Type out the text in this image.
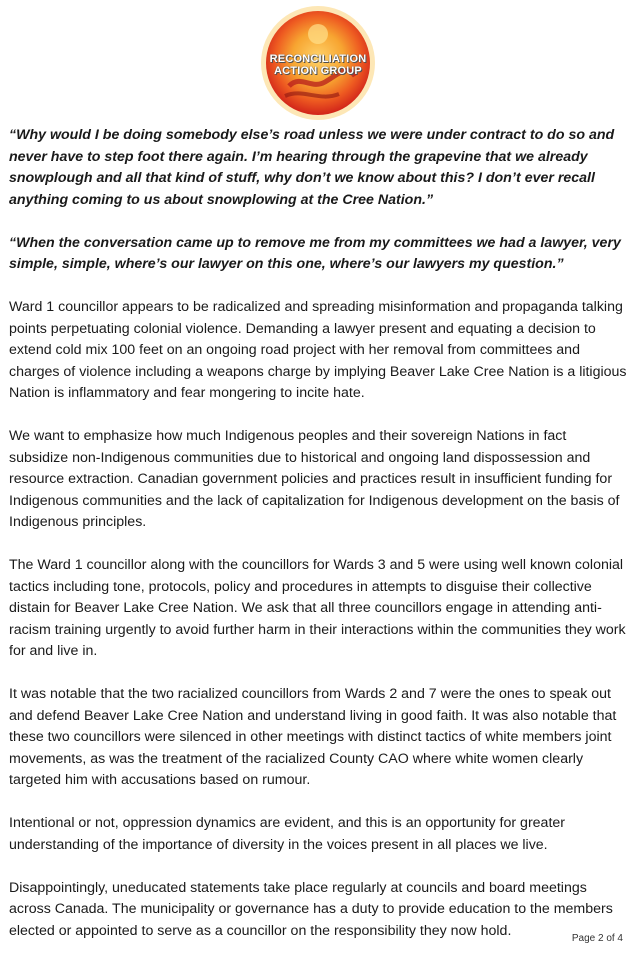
RECONCILIATION
ACTION GROUP

“Why would I be doing somebody else’s road unless we were under contract to do so and never have to step foot there again. I’m hearing through the grapevine that we already snowplough and all that kind of stuff, why don’t we know about this? I don’t ever recall anything coming to us about snowplowing at the Cree Nation.”

“When the conversation came up to remove me from my committees we had a lawyer, very simple, simple, where’s our lawyer on this one, where’s our lawyers my question.”

Ward 1 councillor appears to be radicalized and spreading misinformation and propaganda talking points perpetuating colonial violence. Demanding a lawyer present and equating a decision to extend cold mix 100 feet on an ongoing road project with her removal from committees and charges of violence including a weapons charge by implying Beaver Lake Cree Nation is a litigious Nation is inflammatory and fear mongering to incite hate.

We want to emphasize how much Indigenous peoples and their sovereign Nations in fact subsidize non-Indigenous communities due to historical and ongoing land dispossession and resource extraction. Canadian government policies and practices result in insufficient funding for Indigenous communities and the lack of capitalization for Indigenous development on the basis of Indigenous principles.

The Ward 1 councillor along with the councillors for Wards 3 and 5 were using well known colonial tactics including tone, protocols, policy and procedures in attempts to disguise their collective distain for Beaver Lake Cree Nation. We ask that all three councillors engage in attending anti-racism training urgently to avoid further harm in their interactions within the communities they work for and live in.

It was notable that the two racialized councillors from Wards 2 and 7 were the ones to speak out and defend Beaver Lake Cree Nation and understand living in good faith. It was also notable that these two councillors were silenced in other meetings with distinct tactics of white members joint movements, as was the treatment of the racialized County CAO where white women clearly targeted him with accusations based on rumour.

Intentional or not, oppression dynamics are evident, and this is an opportunity for greater understanding of the importance of diversity in the voices present in all places we live.

Disappointingly, uneducated statements take place regularly at councils and board meetings across Canada. The municipality or governance has a duty to provide education to the members elected or appointed to serve as a councillor on the responsibility they now hold.	Page 2 of 4
